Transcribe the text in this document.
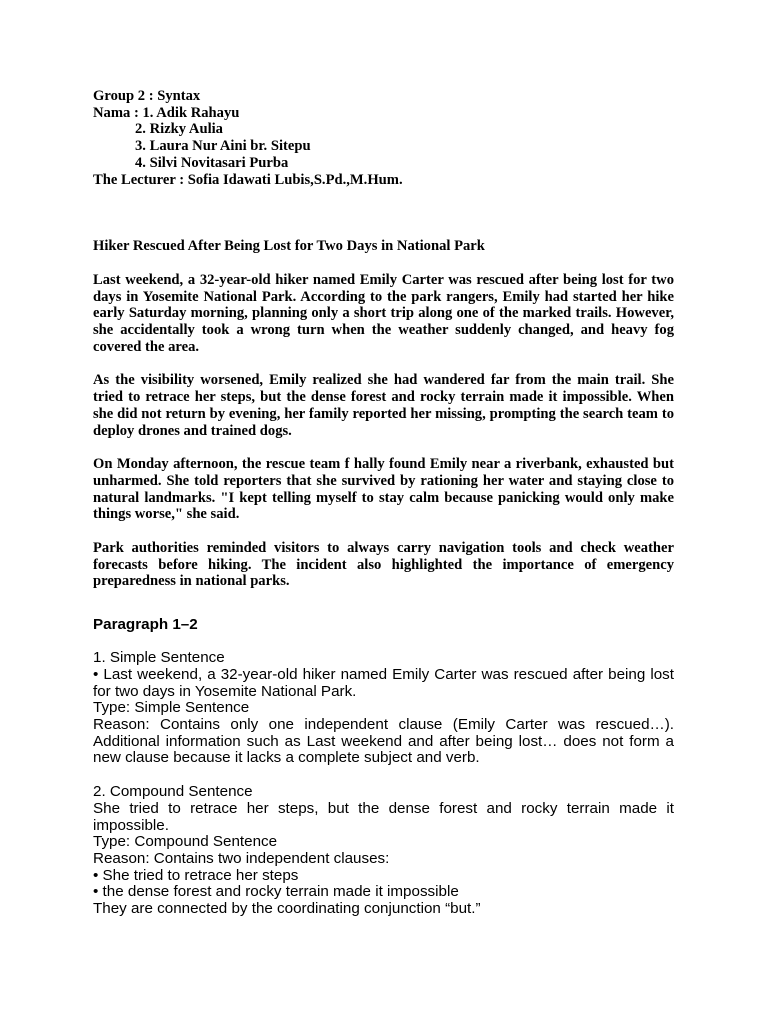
Group 2 : Syntax
Nama : 1. Adik Rahayu
2. Rizky Aulia
3. Laura Nur Aini br. Sitepu
4. Silvi Novitasari Purba
The Lecturer : Sofia Idawati Lubis,S.Pd.,M.Hum.
Hiker Rescued After Being Lost for Two Days in National Park

Last weekend, a 32-year-old hiker named Emily Carter was rescued after being lost for two days in Yosemite National Park. According to the park rangers, Emily had started her hike early Saturday morning, planning only a short trip along one of the marked trails. However, she accidentally took a wrong turn when the weather suddenly changed, and heavy fog covered the area.

As the visibility worsened, Emily realized she had wandered far from the main trail. She tried to retrace her steps, but the dense forest and rocky terrain made it impossible. When she did not return by evening, her family reported her missing, prompting the search team to deploy drones and trained dogs.

On Monday afternoon, the rescue team f hally found Emily near a riverbank, exhausted but unharmed. She told reporters that she survived by rationing her water and staying close to natural landmarks. "I kept telling myself to stay calm because panicking would only make things worse," she said.

Park authorities reminded visitors to always carry navigation tools and check weather forecasts before hiking. The incident also highlighted the importance of emergency preparedness in national parks.

Paragraph 1–2
1. Simple Sentence

• Last weekend, a 32-year-old hiker named Emily Carter was rescued after being lost for two days in Yosemite National Park.

Type: Simple Sentence

Reason: Contains only one independent clause (Emily Carter was rescued…). Additional information such as Last weekend and after being lost… does not form a new clause because it lacks a complete subject and verb.

2. Compound Sentence

She tried to retrace her steps, but the dense forest and rocky terrain made it impossible.

Type: Compound Sentence
Reason: Contains two independent clauses:
• She tried to retrace her steps
• the dense forest and rocky terrain made it impossible
They are connected by the coordinating conjunction “but.”
